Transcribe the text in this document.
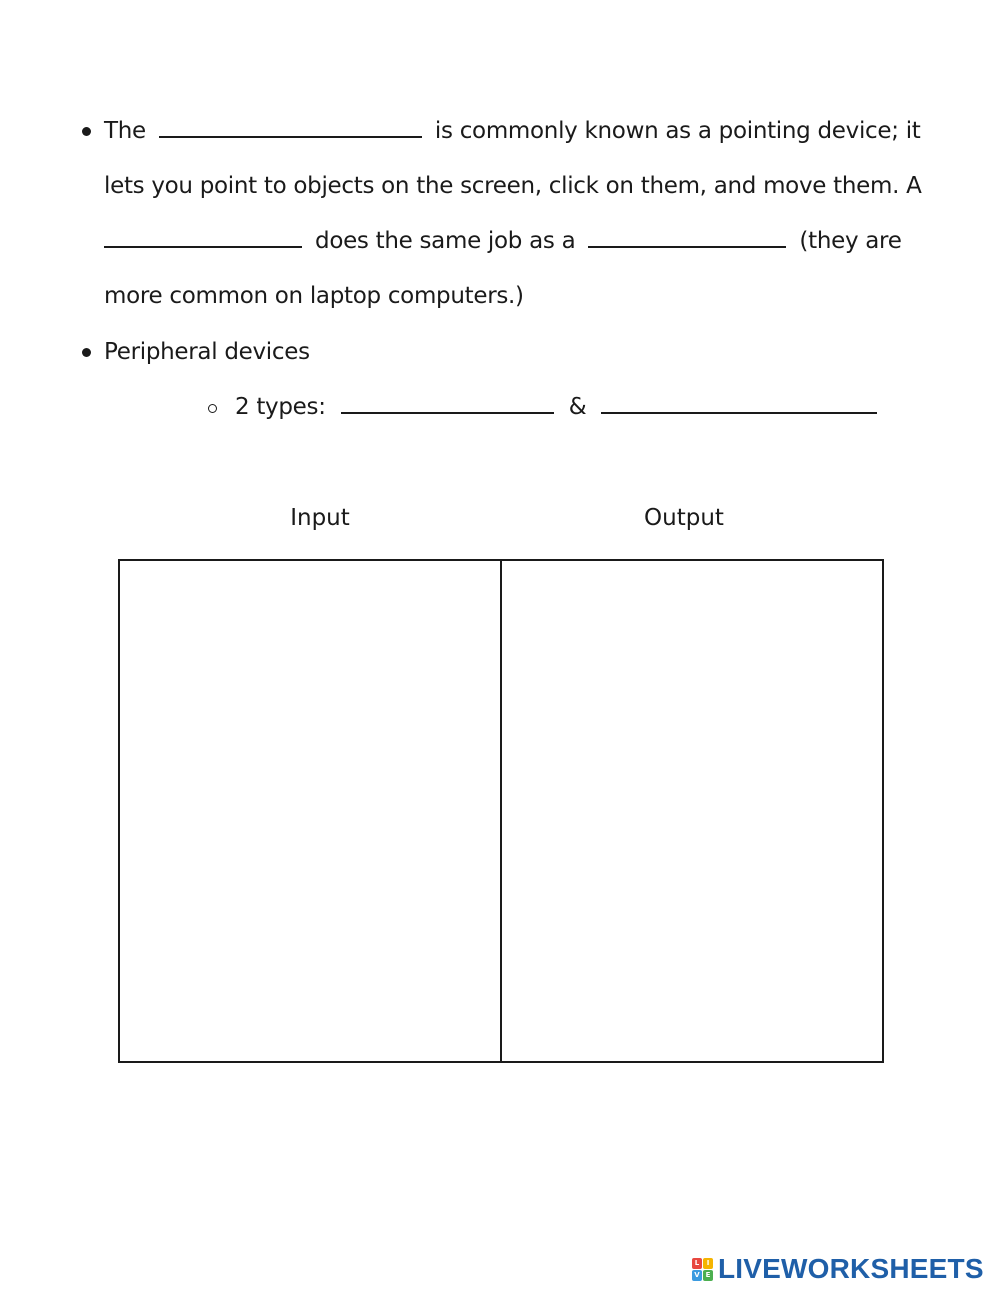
The	is commonly known as a pointing device; it
lets you point to objects on the screen, click on them, and move them. A
does the same job as a	(they are
more common on laptop computers.)
Peripheral devices
2 types:	&
Input	Output
L	I
V E LIVEWORKSHEETS
